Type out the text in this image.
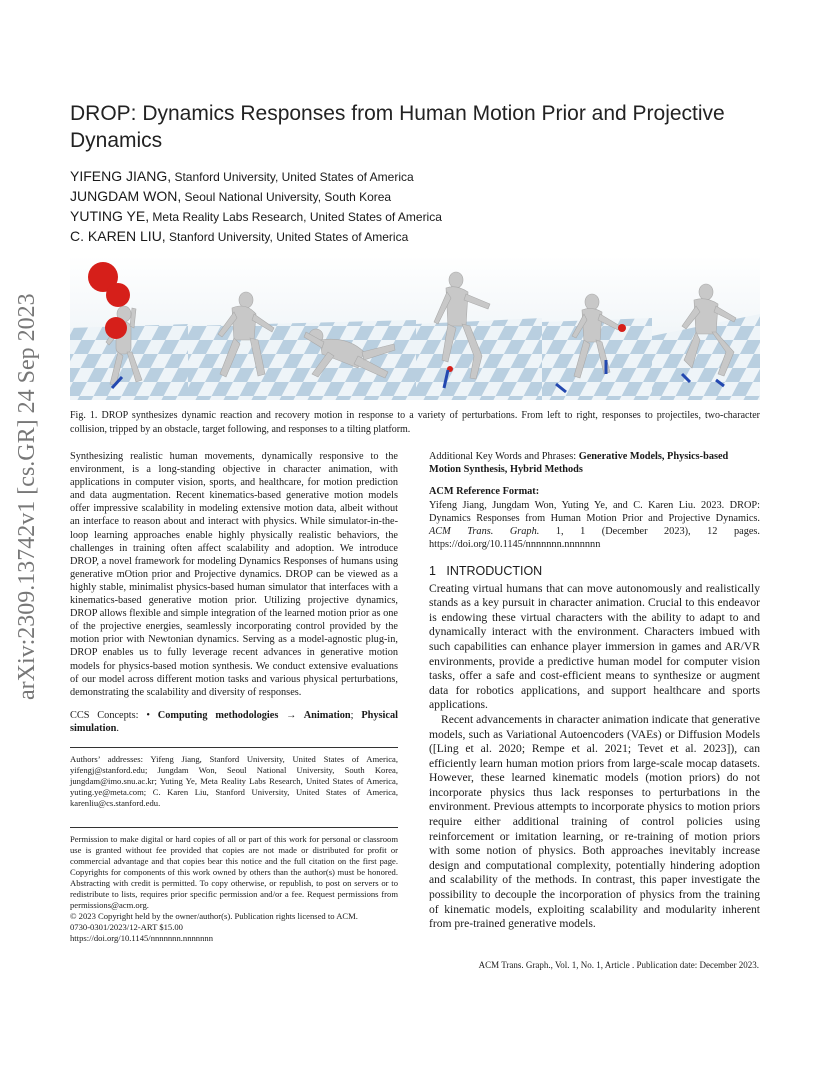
arXiv:2309.13742v1 [cs.GR] 24 Sep 2023
DROP: Dynamics Responses from Human Motion Prior and Projective Dynamics
YIFENG JIANG, Stanford University, United States of America
JUNGDAM WON, Seoul National University, South Korea
YUTING YE, Meta Reality Labs Research, United States of America
C. KAREN LIU, Stanford University, United States of America
Fig. 1. DROP synthesizes dynamic reaction and recovery motion in response to a variety of perturbations. From left to right, responses to projectiles, two-character collision, tripped by an obstacle, target following, and responses to a tilting platform.

Synthesizing realistic human movements, dynamically responsive to the environment, is a long-standing objective in character animation, with applications in computer vision, sports, and healthcare, for motion prediction and data augmentation. Recent kinematics-based generative motion models offer impressive scalability in modeling extensive motion data, albeit without an interface to reason about and interact with physics. While simulator-in-the-loop learning approaches enable highly physically realistic behaviors, the challenges in training often affect scalability and adoption. We introduce DROP, a novel framework for modeling Dynamics Responses of humans using generative mOtion prior and Projective dynamics. DROP can be viewed as a highly stable, minimalist physics-based human simulator that interfaces with a kinematics-based generative motion prior. Utilizing projective dynamics, DROP allows flexible and simple integration of the learned motion prior as one of the projective energies, seamlessly incorporating control provided by the motion prior with Newtonian dynamics. Serving as a model-agnostic plug-in, DROP enables us to fully leverage recent advances in generative motion models for physics-based motion synthesis. We conduct extensive evaluations of our model across different motion tasks and various physical perturbations, demonstrating the scalability and diversity of responses.

CCS Concepts: • Computing methodologies → Animation; Physical simulation.

Authors’ addresses: Yifeng Jiang, Stanford University, United States of America, yifengj@stanford.edu; Jungdam Won, Seoul National University, South Korea, jungdam@imo.snu.ac.kr; Yuting Ye, Meta Reality Labs Research, United States of America, yuting.ye@meta.com; C. Karen Liu, Stanford University, United States of America, karenliu@cs.stanford.edu.

Permission to make digital or hard copies of all or part of this work for personal or classroom use is granted without fee provided that copies are not made or distributed for profit or commercial advantage and that copies bear this notice and the full citation on the first page. Copyrights for components of this work owned by others than the author(s) must be honored. Abstracting with credit is permitted. To copy otherwise, or republish, to post on servers or to redistribute to lists, requires prior specific permission and/or a fee. Request permissions from permissions@acm.org.

© 2023 Copyright held by the owner/author(s). Publication rights licensed to ACM.

0730-0301/2023/12-ART $15.00

https://doi.org/10.1145/nnnnnnn.nnnnnnn

Additional Key Words and Phrases: Generative Models, Physics-based Motion Synthesis, Hybrid Methods

ACM Reference Format:

Yifeng Jiang, Jungdam Won, Yuting Ye, and C. Karen Liu. 2023. DROP: Dynamics Responses from Human Motion Prior and Projective Dynamics. ACM Trans. Graph. 1, 1 (December 2023), 12 pages. https://doi.org/10.1145/nnnnnnn.nnnnnnn

1 INTRODUCTION

Creating virtual humans that can move autonomously and realistically stands as a key pursuit in character animation. Crucial to this endeavor is endowing these virtual characters with the ability to adapt to and dynamically interact with the environment. Characters imbued with such capabilities can enhance player immersion in games and AR/VR environments, provide a predictive human model for computer vision tasks, offer a safe and cost-efficient means to synthesize or augment data for robotics applications, and support healthcare and sports applications.

Recent advancements in character animation indicate that generative models, such as Variational Autoencoders (VAEs) or Diffusion Models ([Ling et al. 2020; Rempe et al. 2021; Tevet et al. 2023]), can efficiently learn human motion priors from large-scale mocap datasets. However, these learned kinematic models (motion priors) do not incorporate physics thus lack responses to perturbations in the environment. Previous attempts to incorporate physics to motion priors require either additional training of control policies using reinforcement or imitation learning, or re-training of motion priors with some notion of physics. Both approaches inevitably increase design and computational complexity, potentially hindering adoption and scalability of the methods. In contrast, this paper investigate the possibility to decouple the incorporation of physics from the training of kinematic models, exploiting scalability and modularity inherent from pre-trained generative models.

ACM Trans. Graph., Vol. 1, No. 1, Article . Publication date: December 2023.
